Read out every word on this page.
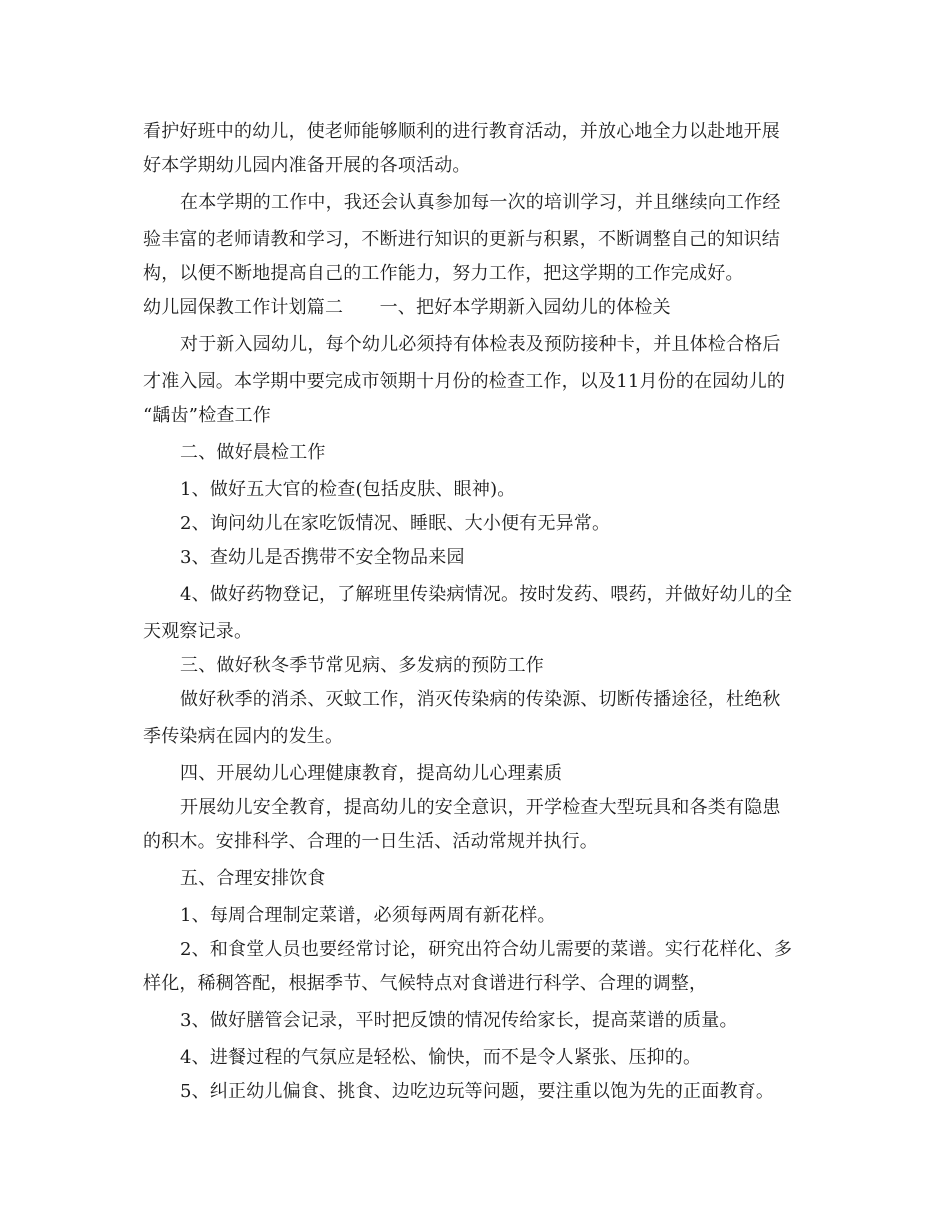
看护好班中的幼儿，使老师能够顺利的进行教育活动，并放心地全力以赴地开展
好本学期幼儿园内准备开展的各项活动。
在本学期的工作中，我还会认真参加每一次的培训学习，并且继续向工作经
验丰富的老师请教和学习，不断进行知识的更新与积累，不断调整自己的知识结
构，以便不断地提高自己的工作能力，努力工作，把这学期的工作完成好。
幼儿园保教工作计划篇二　　一、把好本学期新入园幼儿的体检关
对于新入园幼儿，每个幼儿必须持有体检表及预防接种卡，并且体检合格后
才准入园。本学期中要完成市领期十月份的检查工作，以及11月份的在园幼儿的
“龋齿”检查工作
二、做好晨检工作
1、做好五大官的检查(包括皮肤、眼神)。
2、询问幼儿在家吃饭情况、睡眠、大小便有无异常。
3、查幼儿是否携带不安全物品来园
4、做好药物登记，了解班里传染病情况。按时发药、喂药，并做好幼儿的全
天观察记录。
三、做好秋冬季节常见病、多发病的预防工作
做好秋季的消杀、灭蚊工作，消灭传染病的传染源、切断传播途径，杜绝秋
季传染病在园内的发生。
四、开展幼儿心理健康教育，提高幼儿心理素质
开展幼儿安全教育，提高幼儿的安全意识，开学检查大型玩具和各类有隐患
的积木。安排科学、合理的一日生活、活动常规并执行。
五、合理安排饮食
1、每周合理制定菜谱，必须每两周有新花样。
2、和食堂人员也要经常讨论，研究出符合幼儿需要的菜谱。实行花样化、多
样化，稀稠答配，根据季节、气候特点对食谱进行科学、合理的调整，
3、做好膳管会记录，平时把反馈的情况传给家长，提高菜谱的质量。
4、进餐过程的气氛应是轻松、愉快，而不是令人紧张、压抑的。
5、纠正幼儿偏食、挑食、边吃边玩等问题，要注重以饱为先的正面教育。
